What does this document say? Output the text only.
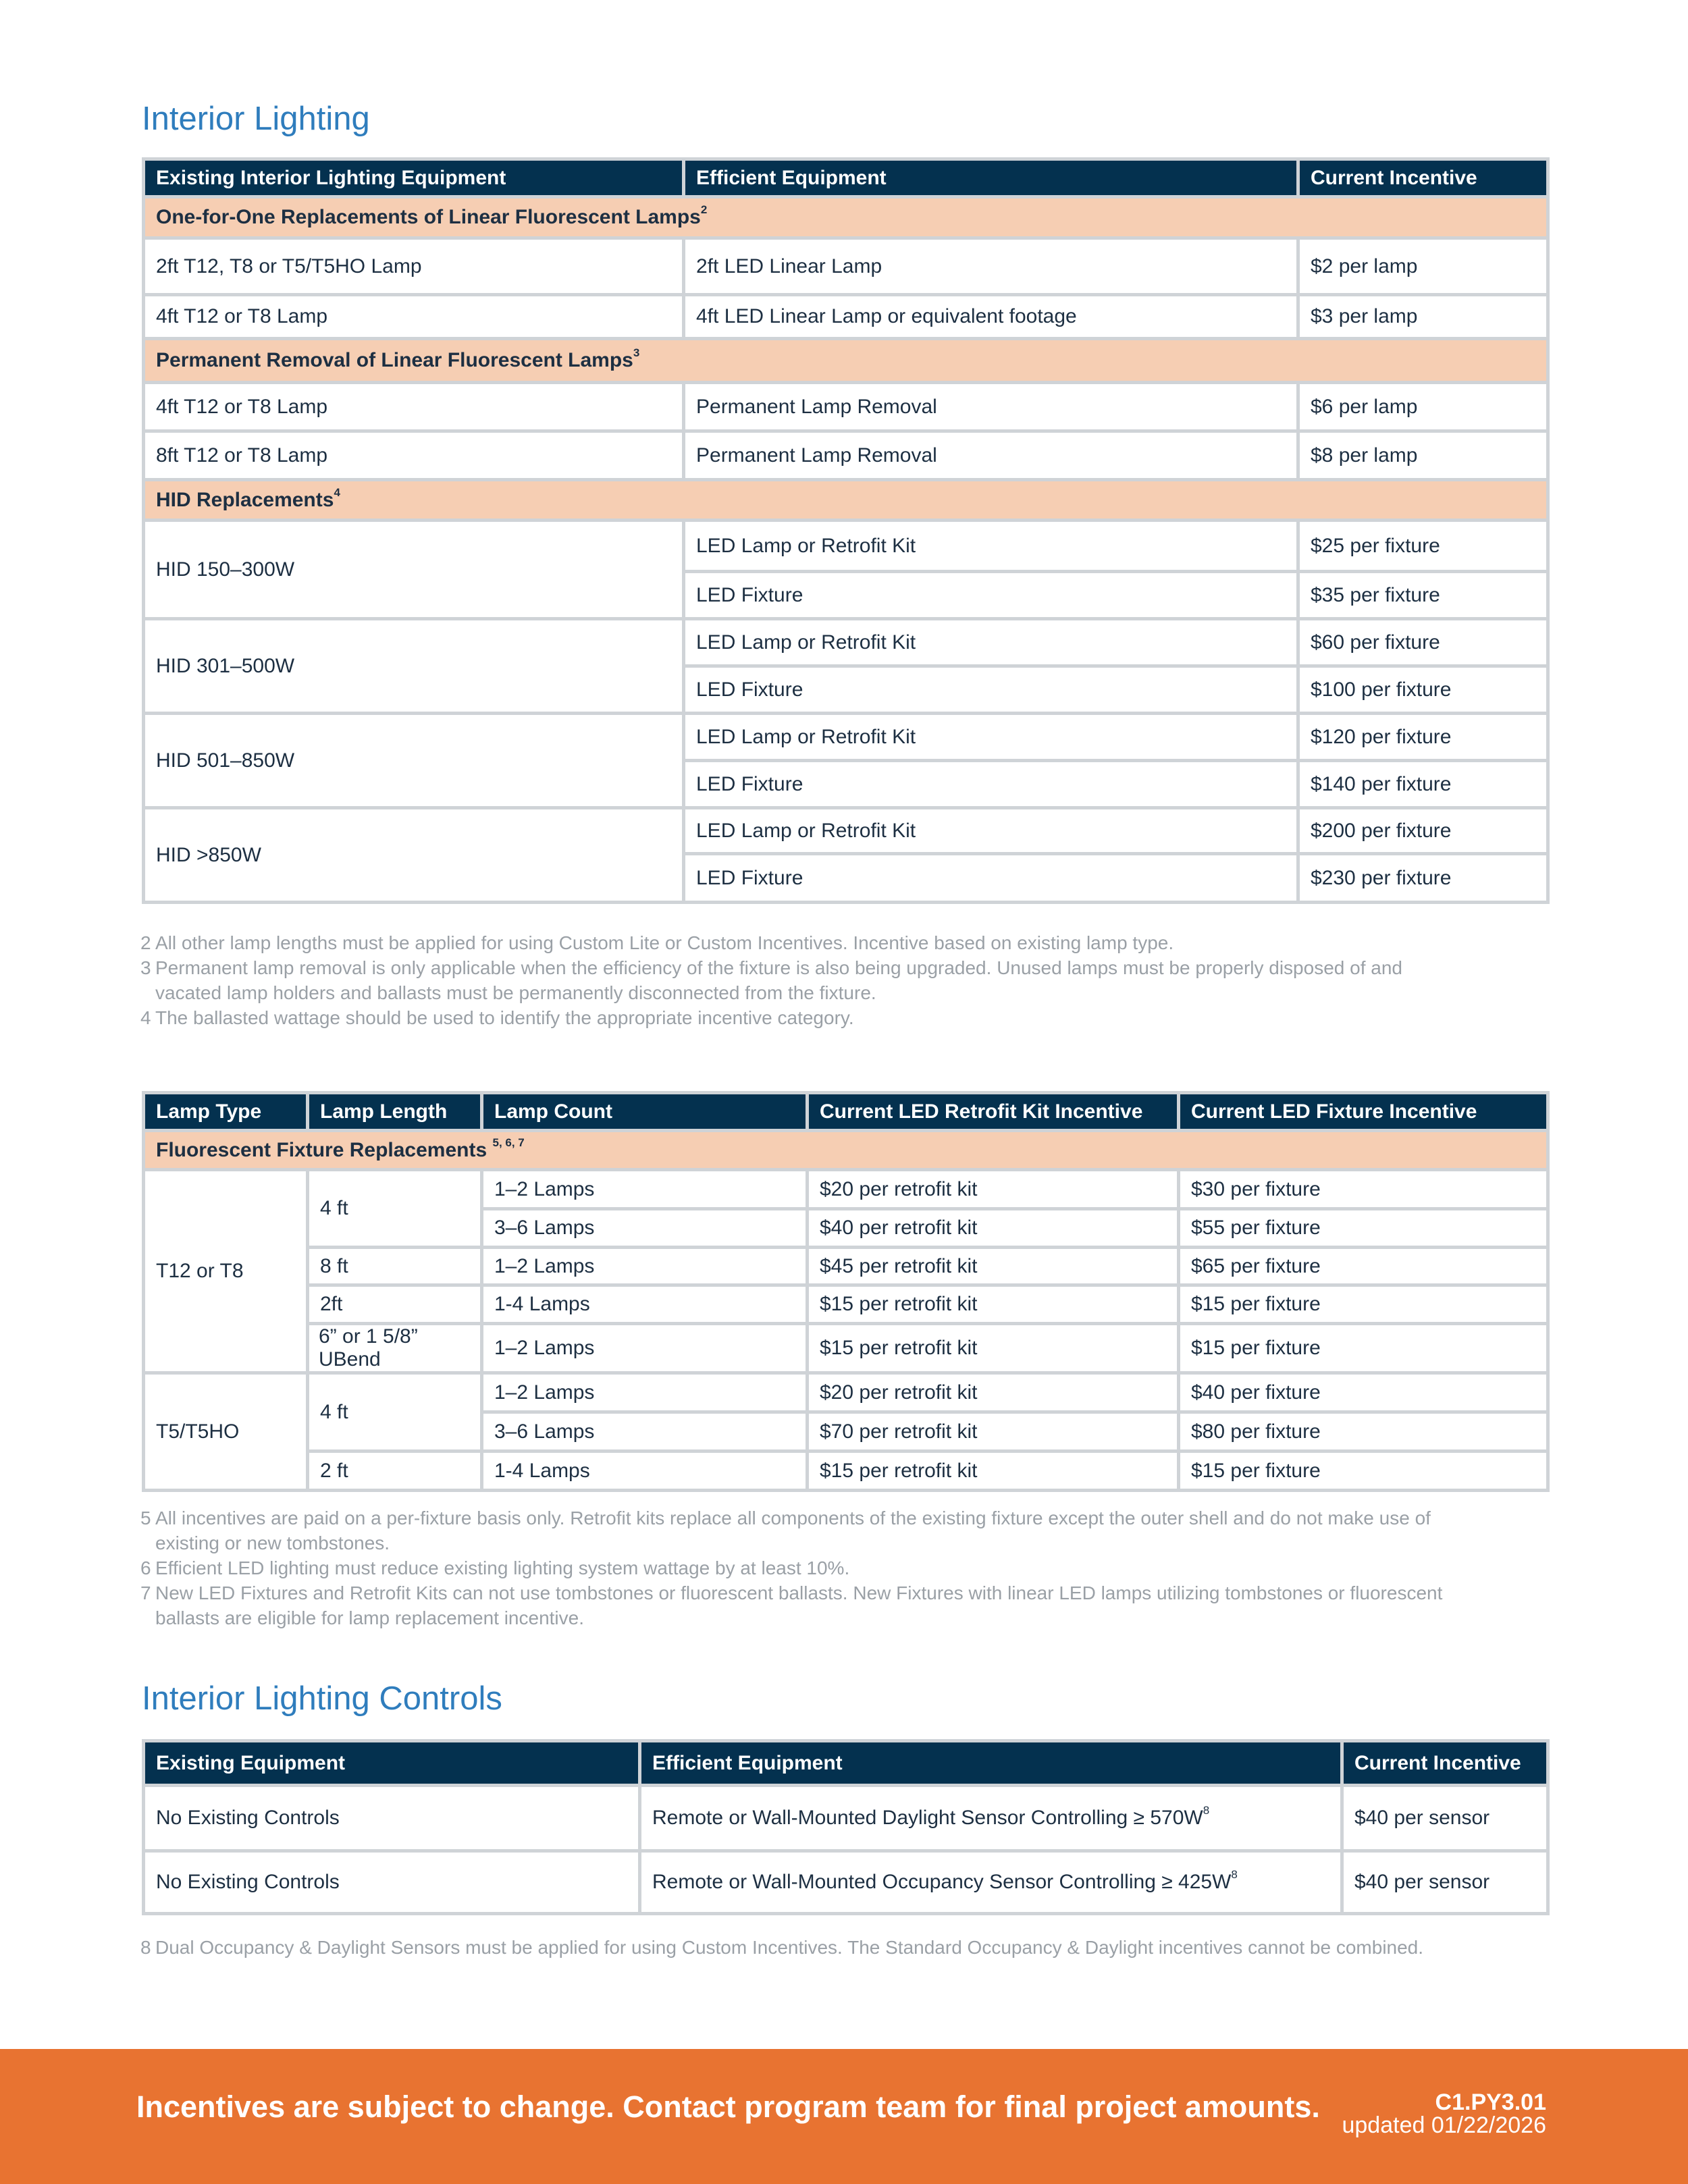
Interior Lighting
Existing Interior Lighting Equipment	Efficient Equipment	Current Incentive
One-for-One Replacements of Linear Fluorescent Lamps$^2$
2ft T12, T8 or T5/T5HO Lamp	2ft LED Linear Lamp	$2 per lamp
4ft T12 or T8 Lamp	4ft LED Linear Lamp or equivalent footage	$3 per lamp
Permanent Removal of Linear Fluorescent Lamps$^3$
4ft T12 or T8 Lamp	Permanent Lamp Removal	$6 per lamp
8ft T12 or T8 Lamp	Permanent Lamp Removal	$8 per lamp
HID Replacements$^4$
HID 150–300W	LED Lamp or Retrofit Kit	$25 per fixture
	LED Fixture	$35 per fixture
HID 301–500W	LED Lamp or Retrofit Kit	$60 per fixture
	LED Fixture	$100 per fixture
HID 501–850W	LED Lamp or Retrofit Kit	$120 per fixture
	LED Fixture	$140 per fixture
HID >850W	LED Lamp or Retrofit Kit	$200 per fixture
	LED Fixture	$230 per fixture
2 All other lamp lengths must be applied for using Custom Lite or Custom Incentives. Incentive based on existing lamp type.
3 Permanent lamp removal is only applicable when the efficiency of the fixture is also being upgraded. Unused lamps must be properly disposed of and vacated lamp holders and ballasts must be permanently disconnected from the fixture.
4 The ballasted wattage should be used to identify the appropriate incentive category.
Lamp Type	Lamp Length	Lamp Count	Current LED Retrofit Kit Incentive	Current LED Fixture Incentive
Fluorescent Fixture Replacements $^{5, 6, 7}$
T12 or T8	4 ft	1–2 Lamps	$20 per retrofit kit	$30 per fixture
		3–6 Lamps	$40 per retrofit kit	$55 per fixture
	8 ft	1–2 Lamps	$45 per retrofit kit	$65 per fixture
	2ft	1-4 Lamps	$15 per retrofit kit	$15 per fixture
	6” or 1 5/8” UBend	1–2 Lamps	$15 per retrofit kit	$15 per fixture
T5/T5HO	4 ft	1–2 Lamps	$20 per retrofit kit	$40 per fixture
		3–6 Lamps	$70 per retrofit kit	$80 per fixture
	2 ft	1-4 Lamps	$15 per retrofit kit	$15 per fixture
5 All incentives are paid on a per-fixture basis only. Retrofit kits replace all components of the existing fixture except the outer shell and do not make use of existing or new tombstones.
6 Efficient LED lighting must reduce existing lighting system wattage by at least 10%.
7 New LED Fixtures and Retrofit Kits can not use tombstones or fluorescent ballasts. New Fixtures with linear LED lamps utilizing tombstones or fluorescent ballasts are eligible for lamp replacement incentive.
Interior Lighting Controls
Existing Equipment	Efficient Equipment	Current Incentive
No Existing Controls	Remote or Wall-Mounted Daylight Sensor Controlling ≥ $570W^8$	$40 per sensor
No Existing Controls	Remote or Wall-Mounted Occupancy Sensor Controlling ≥ $425W^8$	$40 per sensor
8 Dual Occupancy & Daylight Sensors must be applied for using Custom Incentives. The Standard Occupancy & Daylight incentives cannot be combined.
Incentives are subject to change. Contact program team for final project amounts.	C1.PY3.01
updated 01/22/2026
